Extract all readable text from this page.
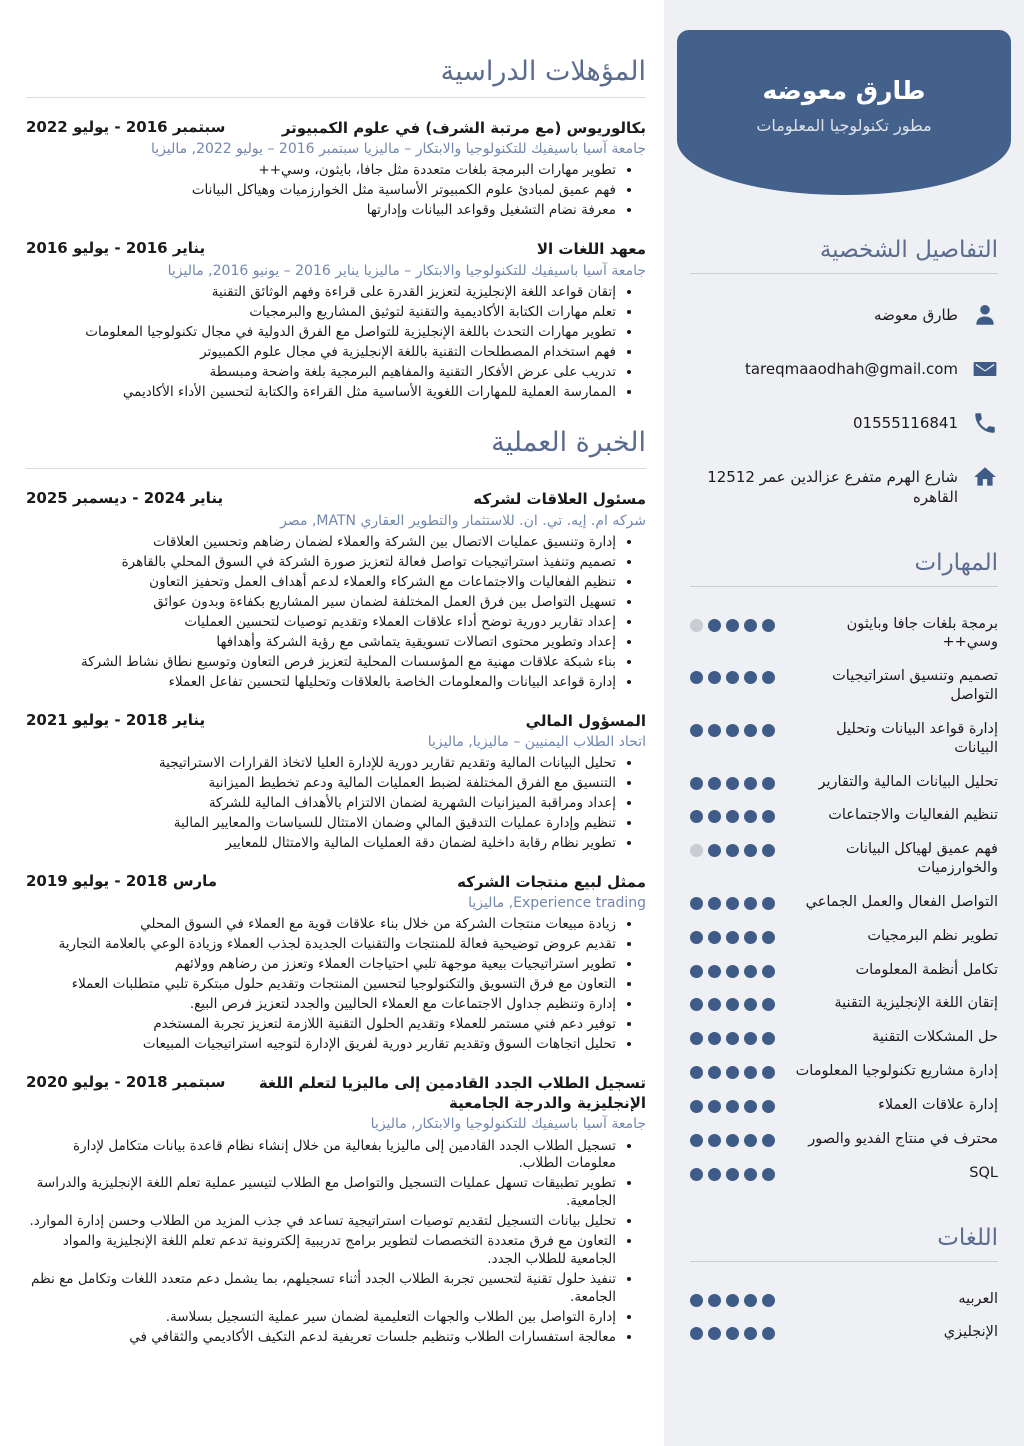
طارق معوضه
مطور تكنولوجيا المعلومات
التفاصيل الشخصية
طارق معوضه
tareqmaaodhah@gmail.com
01555116841
شارع الهرم متفرع عزالدين عمر 12512 القاهره
المهارات
برمجة بلغات جافا وبايثون وسي++
تصميم وتنسيق استراتيجيات التواصل
إدارة قواعد البيانات وتحليل البيانات
تحليل البيانات المالية والتقارير
تنظيم الفعاليات والاجتماعات
فهم عميق لهياكل البيانات والخوارزميات
التواصل الفعال والعمل الجماعي
تطوير نظم البرمجيات
تكامل أنظمة المعلومات
إتقان اللغة الإنجليزية التقنية
حل المشكلات التقنية
إدارة مشاريع تكنولوجيا المعلومات
إدارة علاقات العملاء
محترف في منتاج الفديو والصور
SQL
اللغات
العربيه
الإنجليزي
المؤهلات الدراسية
بكالوريوس (مع مرتبة الشرف) في علوم الكمبيوتر
سبتمبر 2016 - يوليو 2022
جامعة آسيا باسيفيك للتكنولوجيا والابتكار – ماليزيا سبتمبر 2016 – يوليو 2022, ماليزيا
• تطوير مهارات البرمجة بلغات متعددة مثل جافا، بايثون، وسي++
• فهم عميق لمبادئ علوم الكمبيوتر الأساسية مثل الخوارزميات وهياكل البيانات
• معرفة نضام التشغيل وقواعد البيانات وإدارتها
معهد اللغات الا
يناير 2016 - يوليو 2016
جامعة آسيا باسيفيك للتكنولوجيا والابتكار – ماليزيا يناير 2016 – يونيو 2016, ماليزيا
• إتقان قواعد اللغة الإنجليزية لتعزيز القدرة على قراءة وفهم الوثائق التقنية
• تعلم مهارات الكتابة الأكاديمية والتقنية لتوثيق المشاريع والبرمجيات
• تطوير مهارات التحدث باللغة الإنجليزية للتواصل مع الفرق الدولية في مجال تكنولوجيا المعلومات
• فهم استخدام المصطلحات التقنية باللغة الإنجليزية في مجال علوم الكمبيوتر
• تدريب على عرض الأفكار التقنية والمفاهيم البرمجية بلغة واضحة ومبسطة
• الممارسة العملية للمهارات اللغوية الأساسية مثل القراءة والكتابة لتحسين الأداء الأكاديمي
الخبرة العملية
مسئول العلاقات لشركه
يناير 2024 - ديسمبر 2025
شركه ام. إيه. تي. ان. للاستثمار والتطوير العقاري MATN, مصر
• إدارة وتنسيق عمليات الاتصال بين الشركة والعملاء لضمان رضاهم وتحسين العلاقات
• تصميم وتنفيذ استراتيجيات تواصل فعالة لتعزيز صورة الشركة في السوق المحلي بالقاهرة
• تنظيم الفعاليات والاجتماعات مع الشركاء والعملاء لدعم أهداف العمل وتحفيز التعاون
• تسهيل التواصل بين فرق العمل المختلفة لضمان سير المشاريع بكفاءة وبدون عوائق
• إعداد تقارير دورية توضح أداء علاقات العملاء وتقديم توصيات لتحسين العمليات
• إعداد وتطوير محتوى اتصالات تسويقية يتماشى مع رؤية الشركة وأهدافها
• بناء شبكة علاقات مهنية مع المؤسسات المحلية لتعزيز فرص التعاون وتوسيع نطاق نشاط الشركة
• إدارة قواعد البيانات والمعلومات الخاصة بالعلاقات وتحليلها لتحسين تفاعل العملاء
المسؤول المالي
يناير 2018 - يوليو 2021
اتحاد الطلاب اليمنيين – ماليزيا, ماليزيا
• تحليل البيانات المالية وتقديم تقارير دورية للإدارة العليا لاتخاذ القرارات الاستراتيجية
• التنسيق مع الفرق المختلفة لضبط العمليات المالية ودعم تخطيط الميزانية
• إعداد ومراقبة الميزانيات الشهرية لضمان الالتزام بالأهداف المالية للشركة
• تنظيم وإدارة عمليات التدقيق المالي وضمان الامتثال للسياسات والمعايير المالية
• تطوير نظام رقابة داخلية لضمان دقة العمليات المالية والامتثال للمعايير
ممثل لبيع منتجات الشركه
مارس 2018 - يوليو 2019
Experience trading, ماليزيا
• زيادة مبيعات منتجات الشركة من خلال بناء علاقات قوية مع العملاء في السوق المحلي
• تقديم عروض توضيحية فعالة للمنتجات والتقنيات الجديدة لجذب العملاء وزيادة الوعي بالعلامة التجارية
• تطوير استراتيجيات بيعية موجهة تلبي احتياجات العملاء وتعزز من رضاهم وولائهم
• التعاون مع فرق التسويق والتكنولوجيا لتحسين المنتجات وتقديم حلول مبتكرة تلبي متطلبات العملاء
• إدارة وتنظيم جداول الاجتماعات مع العملاء الحاليين والجدد لتعزيز فرص البيع.
• توفير دعم فني مستمر للعملاء وتقديم الحلول التقنية اللازمة لتعزيز تجربة المستخدم
• تحليل اتجاهات السوق وتقديم تقارير دورية لفريق الإدارة لتوجيه استراتيجيات المبيعات
تسجيل الطلاب الجدد القادمين إلى ماليزيا لتعلم اللغة الإنجليزية والدرجة الجامعية
سبتمبر 2018 - يوليو 2020
جامعة آسيا باسيفيك للتكنولوجيا والابتكار, ماليزيا
• تسجيل الطلاب الجدد القادمين إلى ماليزيا بفعالية من خلال إنشاء نظام قاعدة بيانات متكامل لإدارة معلومات الطلاب.
• تطوير تطبيقات تسهل عمليات التسجيل والتواصل مع الطلاب لتيسير عملية تعلم اللغة الإنجليزية والدراسة الجامعية.
• تحليل بيانات التسجيل لتقديم توصيات استراتيجية تساعد في جذب المزيد من الطلاب وحسن إدارة الموارد.
• التعاون مع فرق متعددة التخصصات لتطوير برامج تدريبية إلكترونية تدعم تعلم اللغة الإنجليزية والمواد الجامعية للطلاب الجدد.
• تنفيذ حلول تقنية لتحسين تجربة الطلاب الجدد أثناء تسجيلهم، بما يشمل دعم متعدد اللغات وتكامل مع نظم الجامعة.
• إدارة التواصل بين الطلاب والجهات التعليمية لضمان سير عملية التسجيل بسلاسة.
• معالجة استفسارات الطلاب وتنظيم جلسات تعريفية لدعم التكيف الأكاديمي والثقافي في
